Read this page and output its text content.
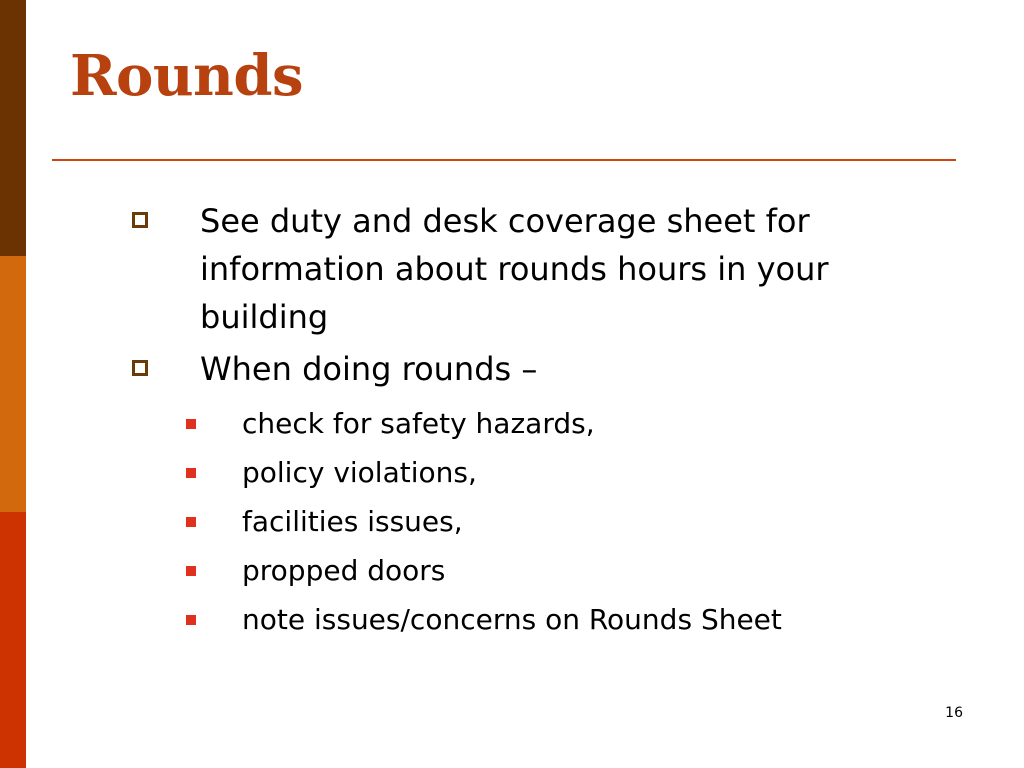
Rounds
See duty and desk coverage sheet for information about rounds hours in your building
When doing rounds –
check for safety hazards,
policy violations,
facilities issues,
propped doors
note issues/concerns on Rounds Sheet
16
